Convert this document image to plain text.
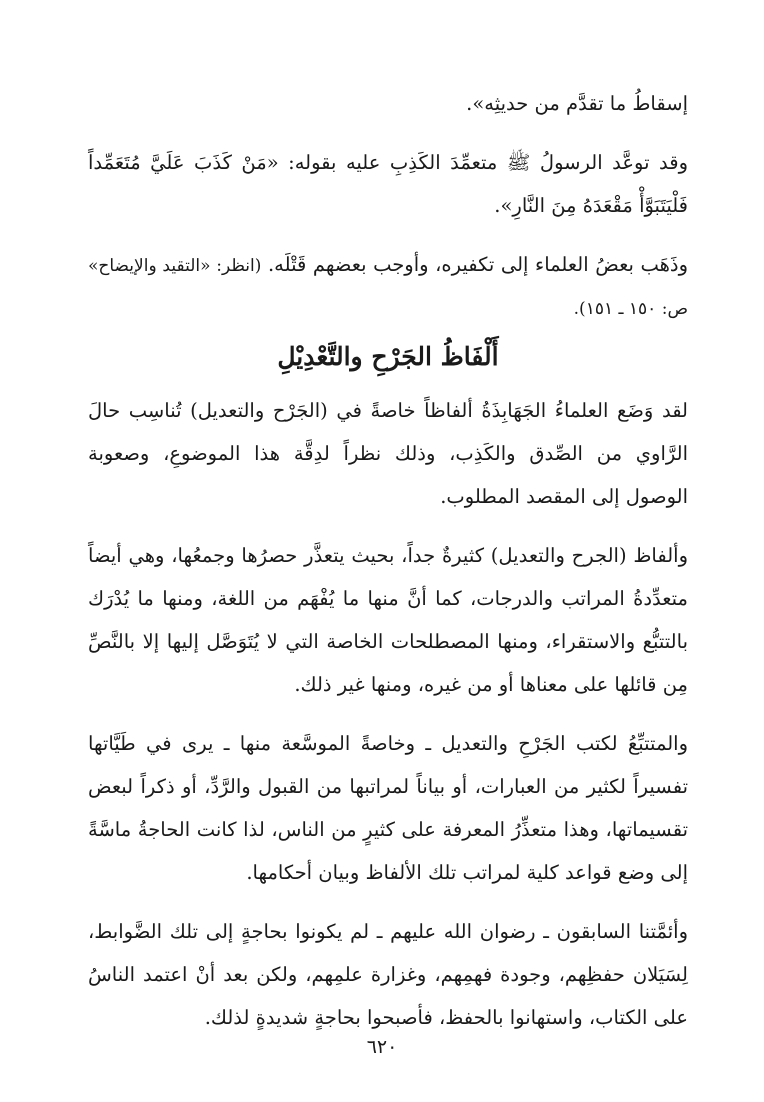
إسقاطُ ما تقدَّم من حديثِه».

وقد توعَّد الرسولُ ﷺ متعمِّدَ الكَذِبِ عليه بقوله: «مَنْ كَذَبَ عَلَيَّ مُتَعَمِّداً فَلْيَتَبَوَّأْ مَقْعَدَهُ مِنَ النَّارِ».

وذَهَب بعضُ العلماء إلى تكفيره، وأوجب بعضهم قَتْلَه. (انظر: «التقيد والإيضاح» ص: ١٥٠ ـ ١٥١).

أَلْفَاظُ الجَرْحِ والتَّعْدِيْلِ

لقد وَضَع العلماءُ الجَهَابِذَةُ ألفاظاً خاصةً في (الجَرْح والتعديل) تُناسِب حالَ الرَّاوي من الصِّدق والكَذِب، وذلك نظراً لدِقَّة هذا الموضوعِ، وصعوبة الوصول إلى المقصد المطلوب.

وألفاظ (الجرح والتعديل) كثيرةٌ جداً، بحيث يتعذَّر حصرُها وجمعُها، وهي أيضاً متعدِّدةُ المراتب والدرجات، كما أنَّ منها ما يُفْهَم من اللغة، ومنها ما يُدْرَك بالتتبُّع والاستقراء، ومنها المصطلحات الخاصة التي لا يُتَوَصَّل إليها إلا بالنَّصِّ مِن قائلها على معناها أو من غيره، ومنها غير ذلك.

والمتتبِّعُ لكتب الجَرْحِ والتعديل ـ وخاصةً الموسَّعة منها ـ يرى في طَيَّاتها تفسيراً لكثير من العبارات، أو بياناً لمراتبها من القبول والرَّدِّ، أو ذكراً لبعض تقسيماتها، وهذا متعذِّرُ المعرفة على كثيرٍ من الناس، لذا كانت الحاجةُ ماسَّةً إلى وضع قواعد كلية لمراتب تلك الألفاظ وبيان أحكامها.

وأئمَّتنا السابقون ـ رضوان الله عليهم ـ لم يكونوا بحاجةٍ إلى تلك الضَّوابط، لِسَيَلان حفظِهم، وجودة فهمِهم، وغزارة علمِهم، ولكن بعد أنْ اعتمد الناسُ على الكتاب، واستهانوا بالحفظ، فأصبحوا بحاجةٍ شديدةٍ لذلك.

٦٢٠
